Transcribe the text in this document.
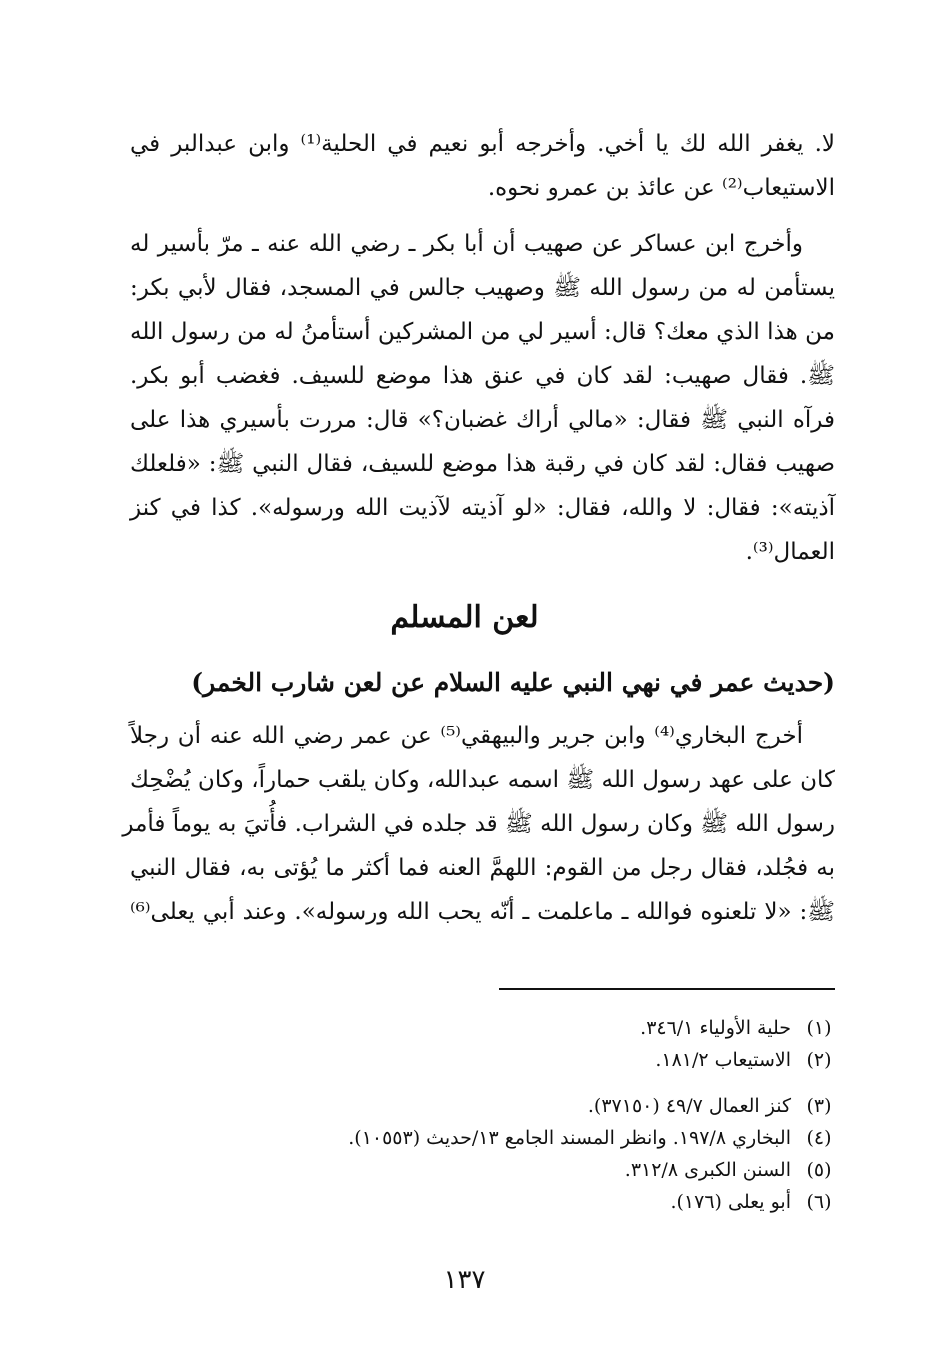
لا. يغفر الله لك يا أخي. وأخرجه أبو نعيم في الحلية⁽¹⁾ وابن عبدالبر في
الاستيعاب⁽²⁾ عن عائذ بن عمرو نحوه.
وأخرج ابن عساكر عن صهيب أن أبا بكر ـ رضي الله عنه ـ مرّ بأسير له
يستأمن له من رسول الله ﷺ وصهيب جالس في المسجد، فقال لأبي بكر:
من هذا الذي معك؟ قال: أسير لي من المشركين أستأمنُ له من رسول الله
ﷺ. فقال صهيب: لقد كان في عنق هذا موضع للسيف. فغضب أبو بكر.
فرآه النبي ﷺ فقال: «مالي أراك غضبان؟» قال: مررت بأسيري هذا على
صهيب فقال: لقد كان في رقبة هذا موضع للسيف، فقال النبي ﷺ: «فلعلك
آذيته»: فقال: لا والله، فقال: «لو آذيته لآذيت الله ورسوله». كذا في كنز
العمال⁽³⁾.
لعن المسلم
(حديث عمر في نهي النبي عليه السلام عن لعن شارب الخمر)
أخرج البخاري⁽⁴⁾ وابن جرير والبيهقي⁽⁵⁾ عن عمر رضي الله عنه أن رجلاً
كان على عهد رسول الله ﷺ اسمه عبدالله، وكان يلقب حماراً، وكان يُضْحِك
رسول الله ﷺ وكان رسول الله ﷺ قد جلده في الشراب. فأُتيَ به يوماً فأمر
به فجُلد، فقال رجل من القوم: اللهمَّ العنه فما أكثر ما يُؤتى به، فقال النبي
ﷺ: «لا تلعنوه فوالله ـ ماعلمت ـ أنّه يحب الله ورسوله». وعند أبي يعلى⁽⁶⁾
(١)
حلية الأولياء ٣٤٦/١.
(٢)
الاستيعاب ١٨١/٢.
(٣)
كنز العمال ٤٩/٧ (٣٧١٥٠).
(٤)
البخاري ١٩٧/٨. وانظر المسند الجامع ١٣/حديث (١٠٥٥٣).
(٥)
السنن الكبرى ٣١٢/٨.
(٦)
أبو يعلى (١٧٦).
١٣٧
